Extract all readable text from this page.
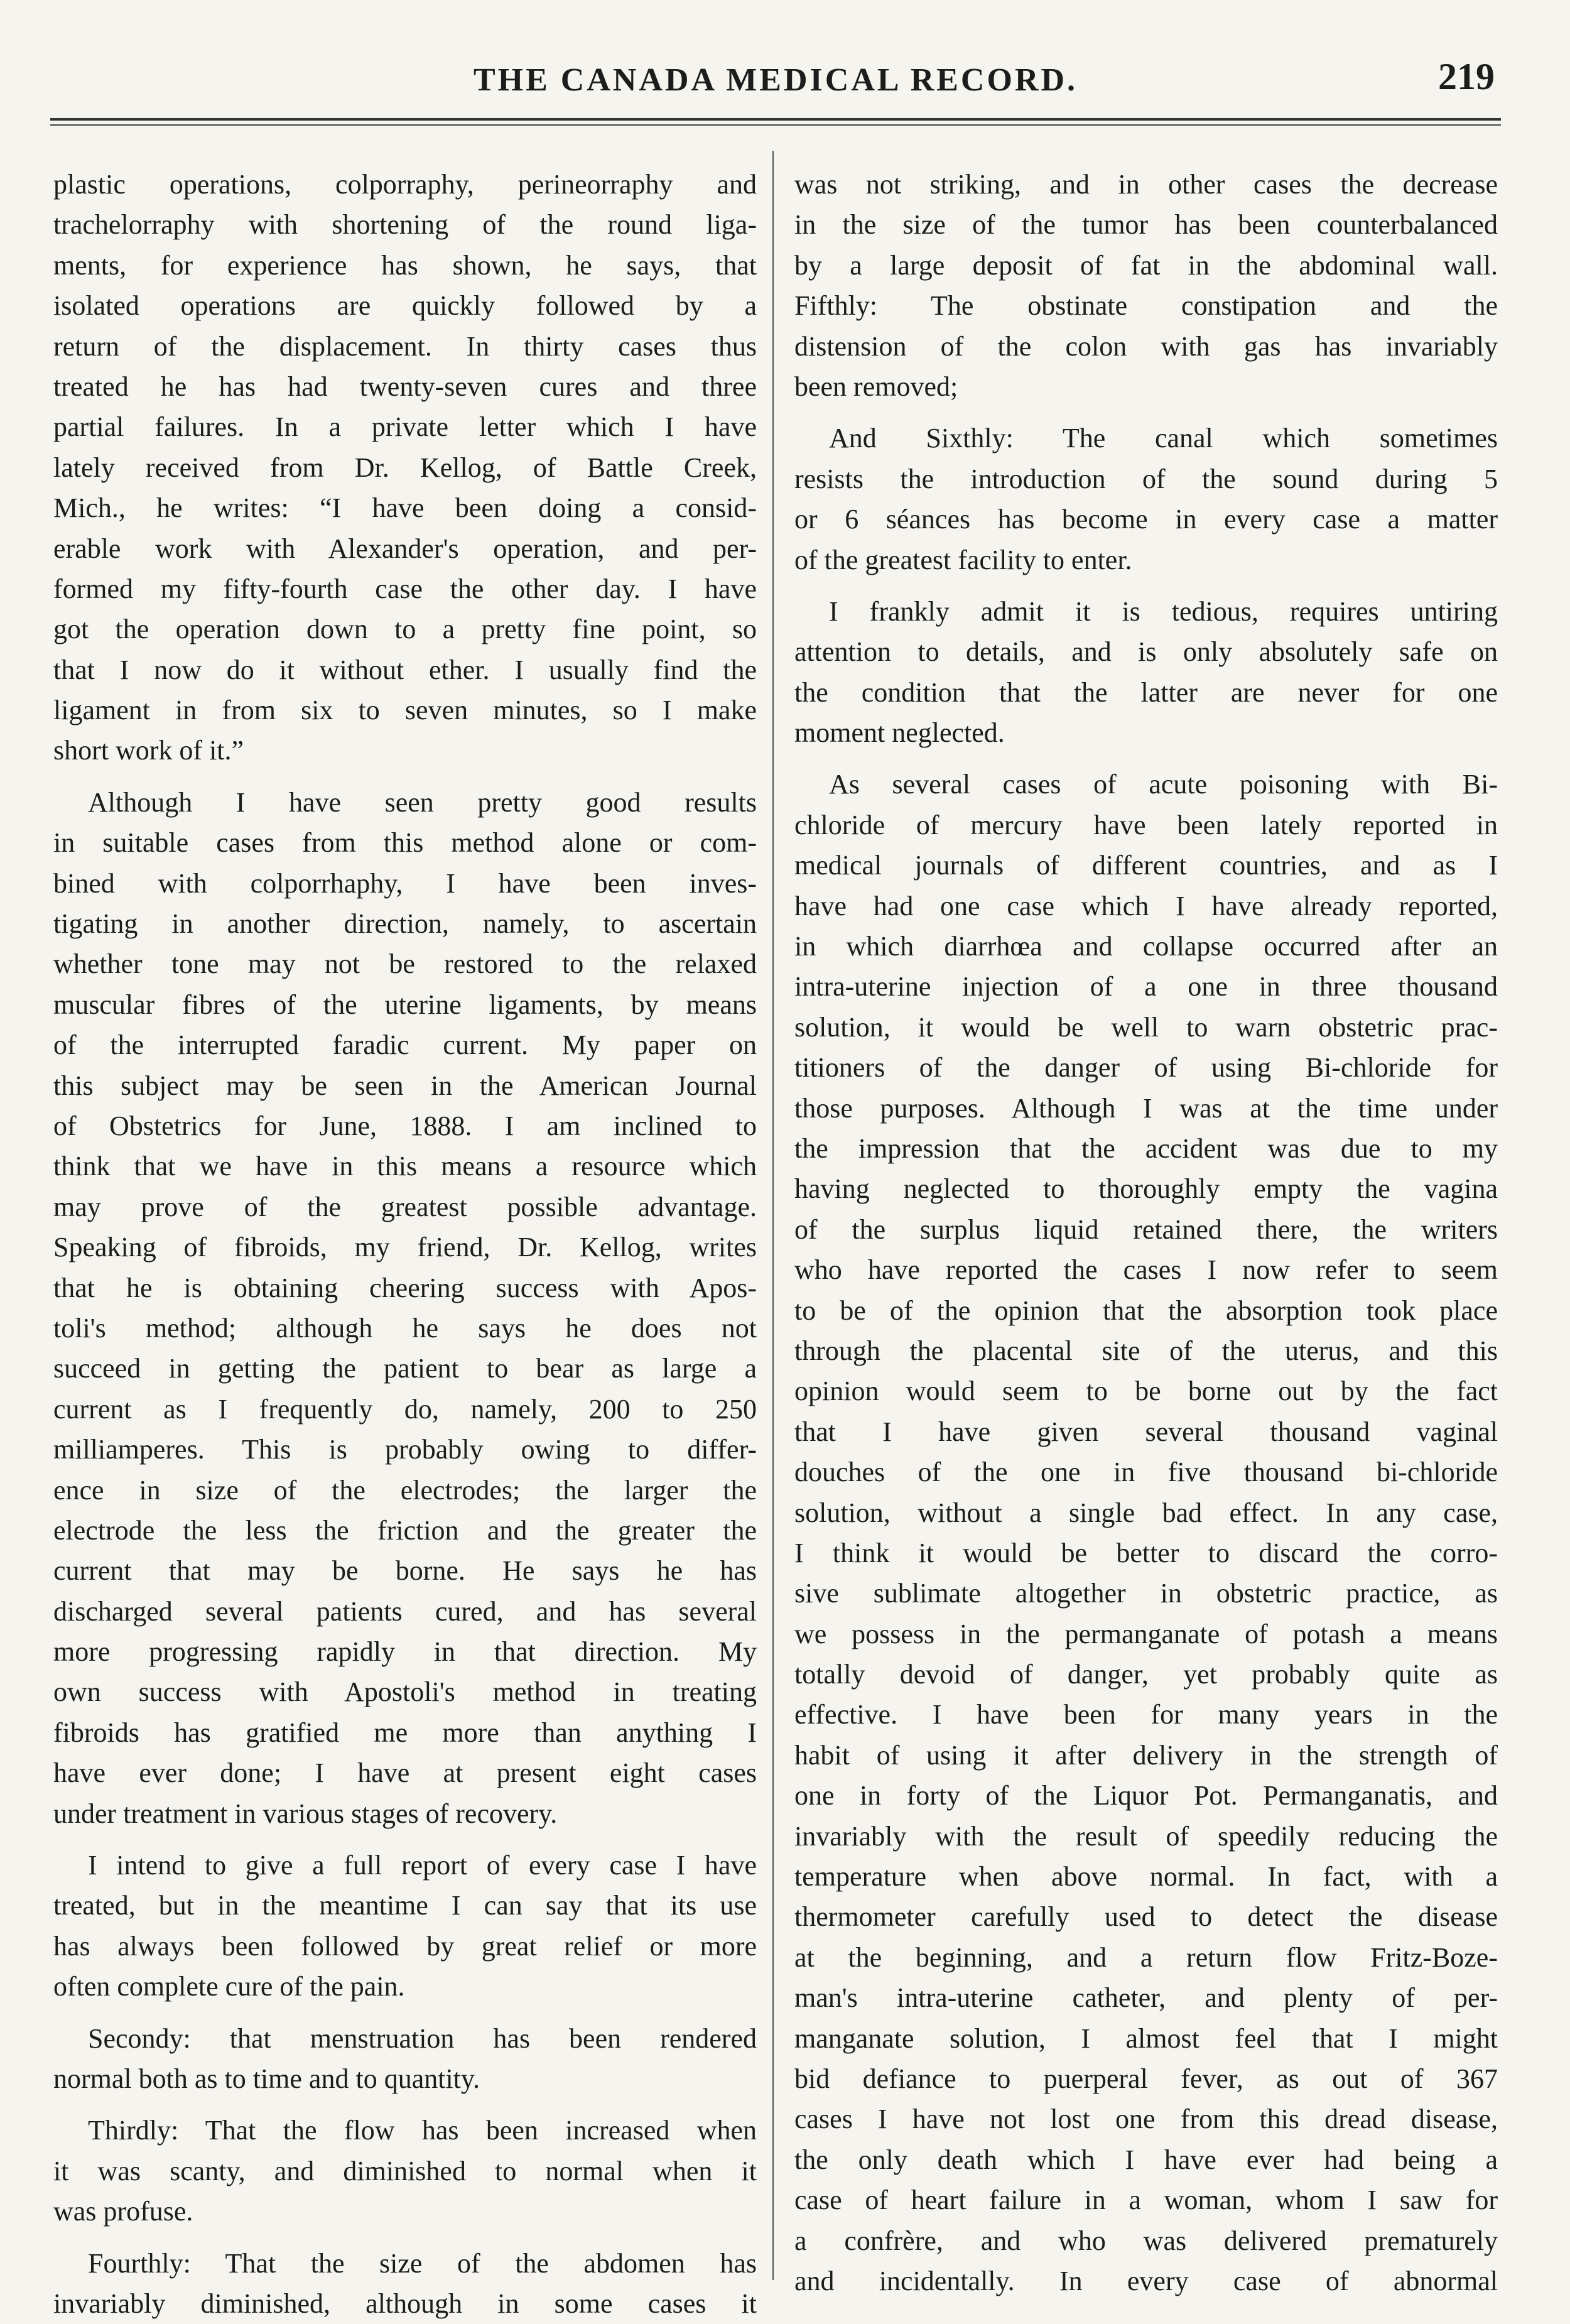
THE CANADA MEDICAL RECORD.	219
plastic operations, colporraphy, perineorraphy and
trachelorraphy with shortening of the round liga-
ments, for experience has shown, he says, that
isolated operations are quickly followed by a
return of the displacement. In thirty cases thus
treated he has had twenty-seven cures and three
partial failures. In a private letter which I have
lately received from Dr. Kellog, of Battle Creek,
Mich., he writes: “I have been doing a consid-
erable work with Alexander's operation, and per-
formed my fifty-fourth case the other day. I have
got the operation down to a pretty fine point, so
that I now do it without ether. I usually find the
ligament in from six to seven minutes, so I make
short work of it.”
Although I have seen pretty good results
in suitable cases from this method alone or com-
bined with colporrhaphy, I have been inves-
tigating in another direction, namely, to ascertain
whether tone may not be restored to the relaxed
muscular fibres of the uterine ligaments, by means
of the interrupted faradic current. My paper on
this subject may be seen in the American Journal
of Obstetrics for June, 1888. I am inclined to
think that we have in this means a resource which
may prove of the greatest possible advantage.
Speaking of fibroids, my friend, Dr. Kellog, writes
that he is obtaining cheering success with Apos-
toli's method; although he says he does not
succeed in getting the patient to bear as large a
current as I frequently do, namely, 200 to 250
milliamperes. This is probably owing to differ-
ence in size of the electrodes; the larger the
electrode the less the friction and the greater the
current that may be borne. He says he has
discharged several patients cured, and has several
more progressing rapidly in that direction. My
own success with Apostoli's method in treating
fibroids has gratified me more than anything I
have ever done; I have at present eight cases
under treatment in various stages of recovery.
I intend to give a full report of every case I have
treated, but in the meantime I can say that its use
has always been followed by great relief or more
often complete cure of the pain.
Secondy: that menstruation has been rendered
normal both as to time and to quantity.
Thirdly: That the flow has been increased when
it was scanty, and diminished to normal when it
was profuse.
Fourthly: That the size of the abdomen has
invariably diminished, although in some cases it
was not striking, and in other cases the decrease
in the size of the tumor has been counterbalanced
by a large deposit of fat in the abdominal wall.
Fifthly: The obstinate constipation and the
distension of the colon with gas has invariably
been removed;
And Sixthly: The canal which sometimes
resists the introduction of the sound during 5
or 6 séances has become in every case a matter
of the greatest facility to enter.
I frankly admit it is tedious, requires untiring
attention to details, and is only absolutely safe on
the condition that the latter are never for one
moment neglected.
As several cases of acute poisoning with Bi-
chloride of mercury have been lately reported in
medical journals of different countries, and as I
have had one case which I have already reported,
in which diarrhœa and collapse occurred after an
intra-uterine injection of a one in three thousand
solution, it would be well to warn obstetric prac-
titioners of the danger of using Bi-chloride for
those purposes. Although I was at the time under
the impression that the accident was due to my
having neglected to thoroughly empty the vagina
of the surplus liquid retained there, the writers
who have reported the cases I now refer to seem
to be of the opinion that the absorption took place
through the placental site of the uterus, and this
opinion would seem to be borne out by the fact
that I have given several thousand vaginal
douches of the one in five thousand bi-chloride
solution, without a single bad effect. In any case,
I think it would be better to discard the corro-
sive sublimate altogether in obstetric practice, as
we possess in the permanganate of potash a means
totally devoid of danger, yet probably quite as
effective. I have been for many years in the
habit of using it after delivery in the strength of
one in forty of the Liquor Pot. Permanganatis, and
invariably with the result of speedily reducing the
temperature when above normal. In fact, with a
thermometer carefully used to detect the disease
at the beginning, and a return flow Fritz-Boze-
man's intra-uterine catheter, and plenty of per-
manganate solution, I almost feel that I might
bid defiance to puerperal fever, as out of 367
cases I have not lost one from this dread disease,
the only death which I have ever had being a
case of heart failure in a woman, whom I saw for
a confrère, and who was delivered prematurely
and incidentally. In every case of abnormal
